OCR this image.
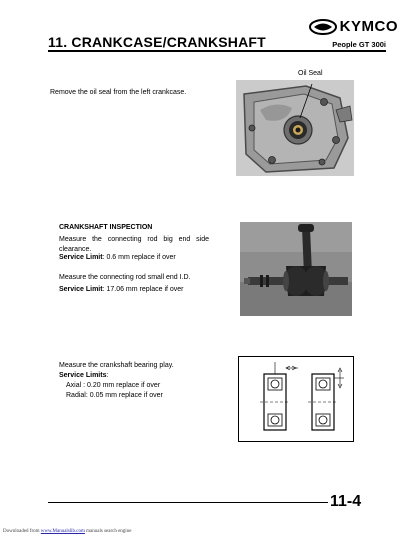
KYMCO
11. CRANKCASE/CRANKSHAFT	People GT 300i
Remove the oil seal from the left crankcase.
Oil Seal
CRANKSHAFT INSPECTION
Measure the connecting rod big end side
clearance.
Service Limit: 0.6 mm replace if over
Measure the connecting rod small end I.D.
Service Limit: 17.06 mm replace if over
Measure the crankshaft bearing play.
Service Limits:
Axial : 0.20 mm replace if over
Radial: 0.05 mm replace if over
11-4
Downloaded from www.Manualslib.com manuals search engine
